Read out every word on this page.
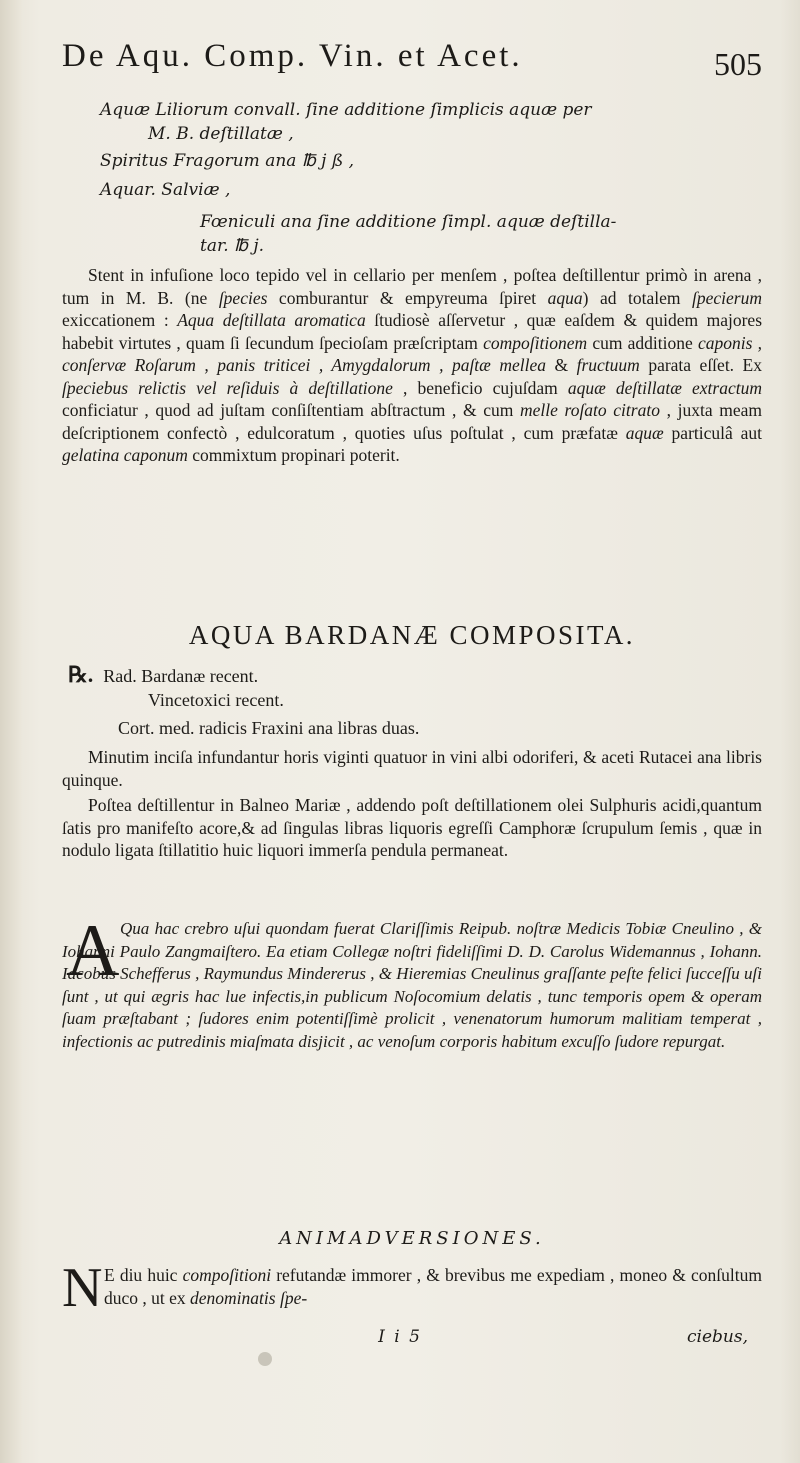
De Aqu. Comp. Vin. et Acet.	505
Aquæ Liliorum convall. ſine additione ſimplicis aquæ per
M. B. deſtillatæ ,
Spiritus Fragorum ana ℔ j ß ,
Aquar. Salviæ ,
Fœniculi ana ſine additione ſimpl. aquæ deſtilla-
tar. ℔ j.

Stent in infuſione loco tepido vel in cellario per menſem , poſtea deſtillentur primò in arena , tum in M. B. (ne ſpecies comburantur & empyreuma ſpiret aqua) ad totalem ſpecierum exiccationem : Aqua deſtillata aromatica ſtudiosè aſſervetur , quæ eaſdem & quidem majores habebit virtutes , quam ſi ſecundum ſpecioſam præſcriptam compoſitionem cum additione caponis , conſervæ Roſarum , panis triticei , Amygdalorum , paſtæ mellea & fructuum parata eſſet. Ex ſpeciebus relictis vel reſiduis à deſtillatione , beneficio cujuſdam aquæ deſtillatæ extractum conficiatur , quod ad juſtam conſiſtentiam abſtractum , & cum melle roſato citrato , juxta meam deſcriptionem confectò , edulcoratum , quoties uſus poſtulat , cum præfatæ aquæ particulâ aut gelatina caponum commixtum propinari poterit.

AQUA BARDANÆ COMPOSITA.
℞. Rad. Bardanæ recent.
Vincetoxici recent.
Cort. med. radicis Fraxini ana libras duas.

Minutim inciſa infundantur horis viginti quatuor in vini albi odoriferi, & aceti Rutacei ana libris quinque.

Poſtea deſtillentur in Balneo Mariæ , addendo poſt deſtillationem olei Sulphuris acidi,quantum ſatis pro manifeſto acore,& ad ſingulas libras liquoris egreſſi Camphoræ ſcrupulum ſemis , quæ in nodulo ligata ſtillatitio huic liquori immerſa pendula permaneat.

A Qua hac crebro uſui quondam fuerat Clariſſimis Reipub. noſtræ Medicis Tobiæ Cneulino , & Iohanni Paulo Zangmaiſtero. Ea etiam Collegæ noſtri fideliſſimi D. D. Carolus Widemannus , Iohann. Iacobus Schefferus , Raymundus Mindererus , & Hieremias Cneulinus graſſante peſte felici ſucceſſu uſi ſunt , ut qui ægris hac lue infectis,in publicum Noſocomium delatis , tunc temporis opem & operam ſuam præſtabant ; ſudores enim potentiſſimè prolicit , venenatorum humorum malitiam temperat , infectionis ac putredinis miaſmata disjicit , ac venoſum corporis habitum excuſſo ſudore repurgat.

ANIMADVERSIONES.
N E diu huic compoſitioni refutandæ immorer , & brevibus me expediam , moneo & conſultum duco , ut ex denominatis ſpe-

I i 5	ciebus,
